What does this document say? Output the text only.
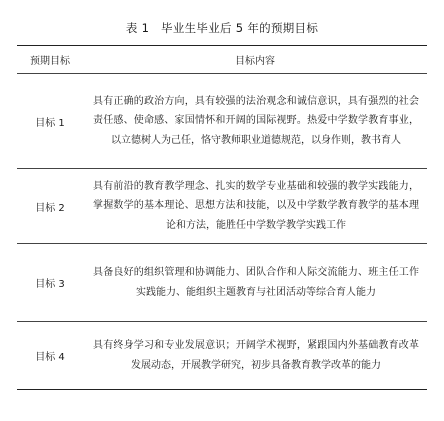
表 1　毕业生毕业后 5 年的预期目标
预期目标	目标内容
目标 1	具有正确的政治方向，具有较强的法治观念和诚信意识，具有强烈的社会责任感、使命感、家国情怀和开阔的国际视野。热爱中学数学教育事业，以立德树人为己任，恪守教师职业道德规范，以身作则，教书育人
目标 2	具有前沿的教育教学理念、扎实的数学专业基础和较强的教学实践能力，掌握数学的基本理论、思想方法和技能，以及中学数学教育教学的基本理论和方法，能胜任中学数学教学实践工作
目标 3	具备良好的组织管理和协调能力、团队合作和人际交流能力、班主任工作实践能力、能组织主题教育与社团活动等综合育人能力
目标 4	具有终身学习和专业发展意识；开阔学术视野，紧跟国内外基础教育改革发展动态，开展教学研究，初步具备教育教学改革的能力
